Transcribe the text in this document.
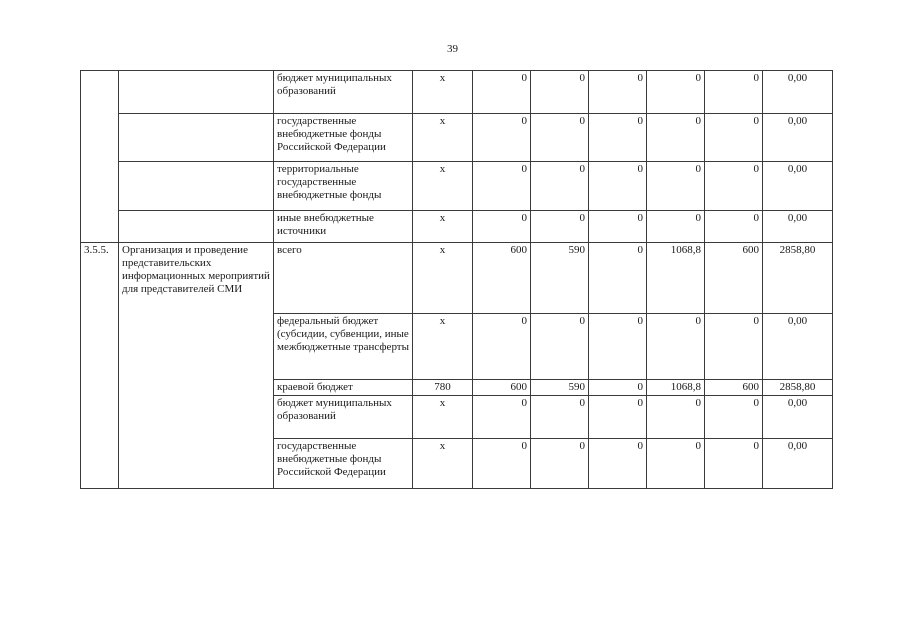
39
		бюджет муниципальных образований	x	0	0	0	0	0	0,00
		государственные внебюджетные фонды Российской Федерации	x	0	0	0	0	0	0,00
		территориальные государственные внебюджетные фонды	x	0	0	0	0	0	0,00
		иные внебюджетные источники	x	0	0	0	0	0	0,00
3.5.5.	Организация и проведение представительских информационных мероприятий для представителей СМИ	всего	x	600	590	0	1068,8	600	2858,80
		федеральный бюджет (субсидии, субвенции, иные межбюджетные трансферты	x	0	0	0	0	0	0,00
		краевой бюджет	780	600	590	0	1068,8	600	2858,80
		бюджет муниципальных образований	x	0	0	0	0	0	0,00
		государственные внебюджетные фонды Российской Федерации	x	0	0	0	0	0	0,00
